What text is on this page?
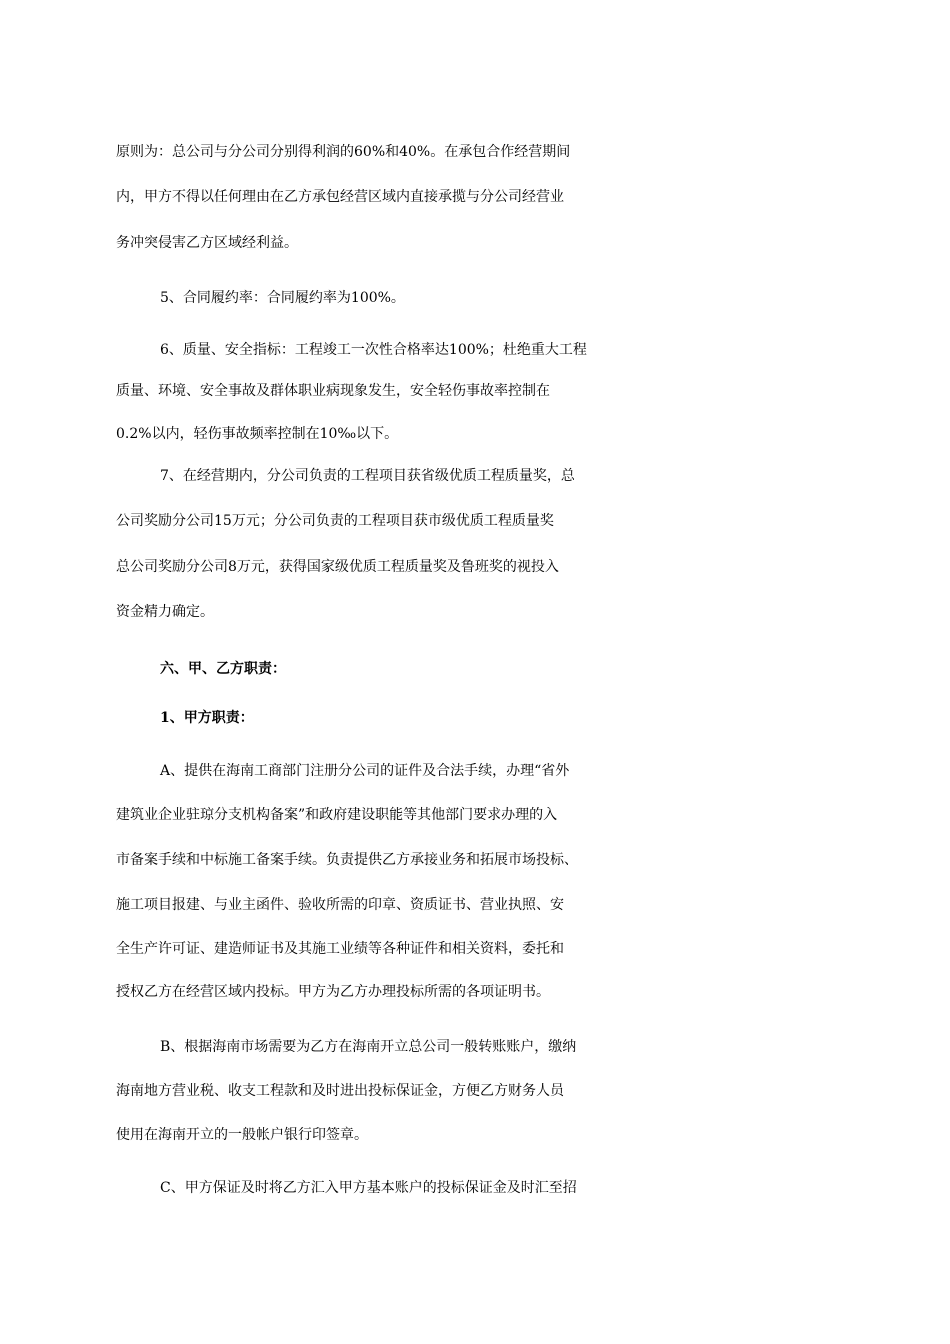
原则为：总公司与分公司分别得利润的60%和40%。在承包合作经营期间
内，甲方不得以任何理由在乙方承包经营区域内直接承揽与分公司经营业
务冲突侵害乙方区域经利益。
5、合同履约率：合同履约率为100%。
6、质量、安全指标：工程竣工一次性合格率达100%；杜绝重大工程
质量、环境、安全事故及群体职业病现象发生，安全轻伤事故率控制在
0.2%以内，轻伤事故频率控制在10‰以下。
7、在经营期内，分公司负责的工程项目获省级优质工程质量奖，总
公司奖励分公司15万元；分公司负责的工程项目获市级优质工程质量奖
总公司奖励分公司8万元，获得国家级优质工程质量奖及鲁班奖的视投入
资金精力确定。
六、甲、乙方职责：
1、甲方职责：
A、提供在海南工商部门注册分公司的证件及合法手续，办理“省外
建筑业企业驻琼分支机构备案”和政府建设职能等其他部门要求办理的入
市备案手续和中标施工备案手续。负责提供乙方承接业务和拓展市场投标、
施工项目报建、与业主函件、验收所需的印章、资质证书、营业执照、安
全生产许可证、建造师证书及其施工业绩等各种证件和相关资料，委托和
授权乙方在经营区域内投标。甲方为乙方办理投标所需的各项证明书。
B、根据海南市场需要为乙方在海南开立总公司一般转账账户，缴纳
海南地方营业税、收支工程款和及时进出投标保证金，方便乙方财务人员
使用在海南开立的一般帐户银行印签章。
C、甲方保证及时将乙方汇入甲方基本账户的投标保证金及时汇至招
